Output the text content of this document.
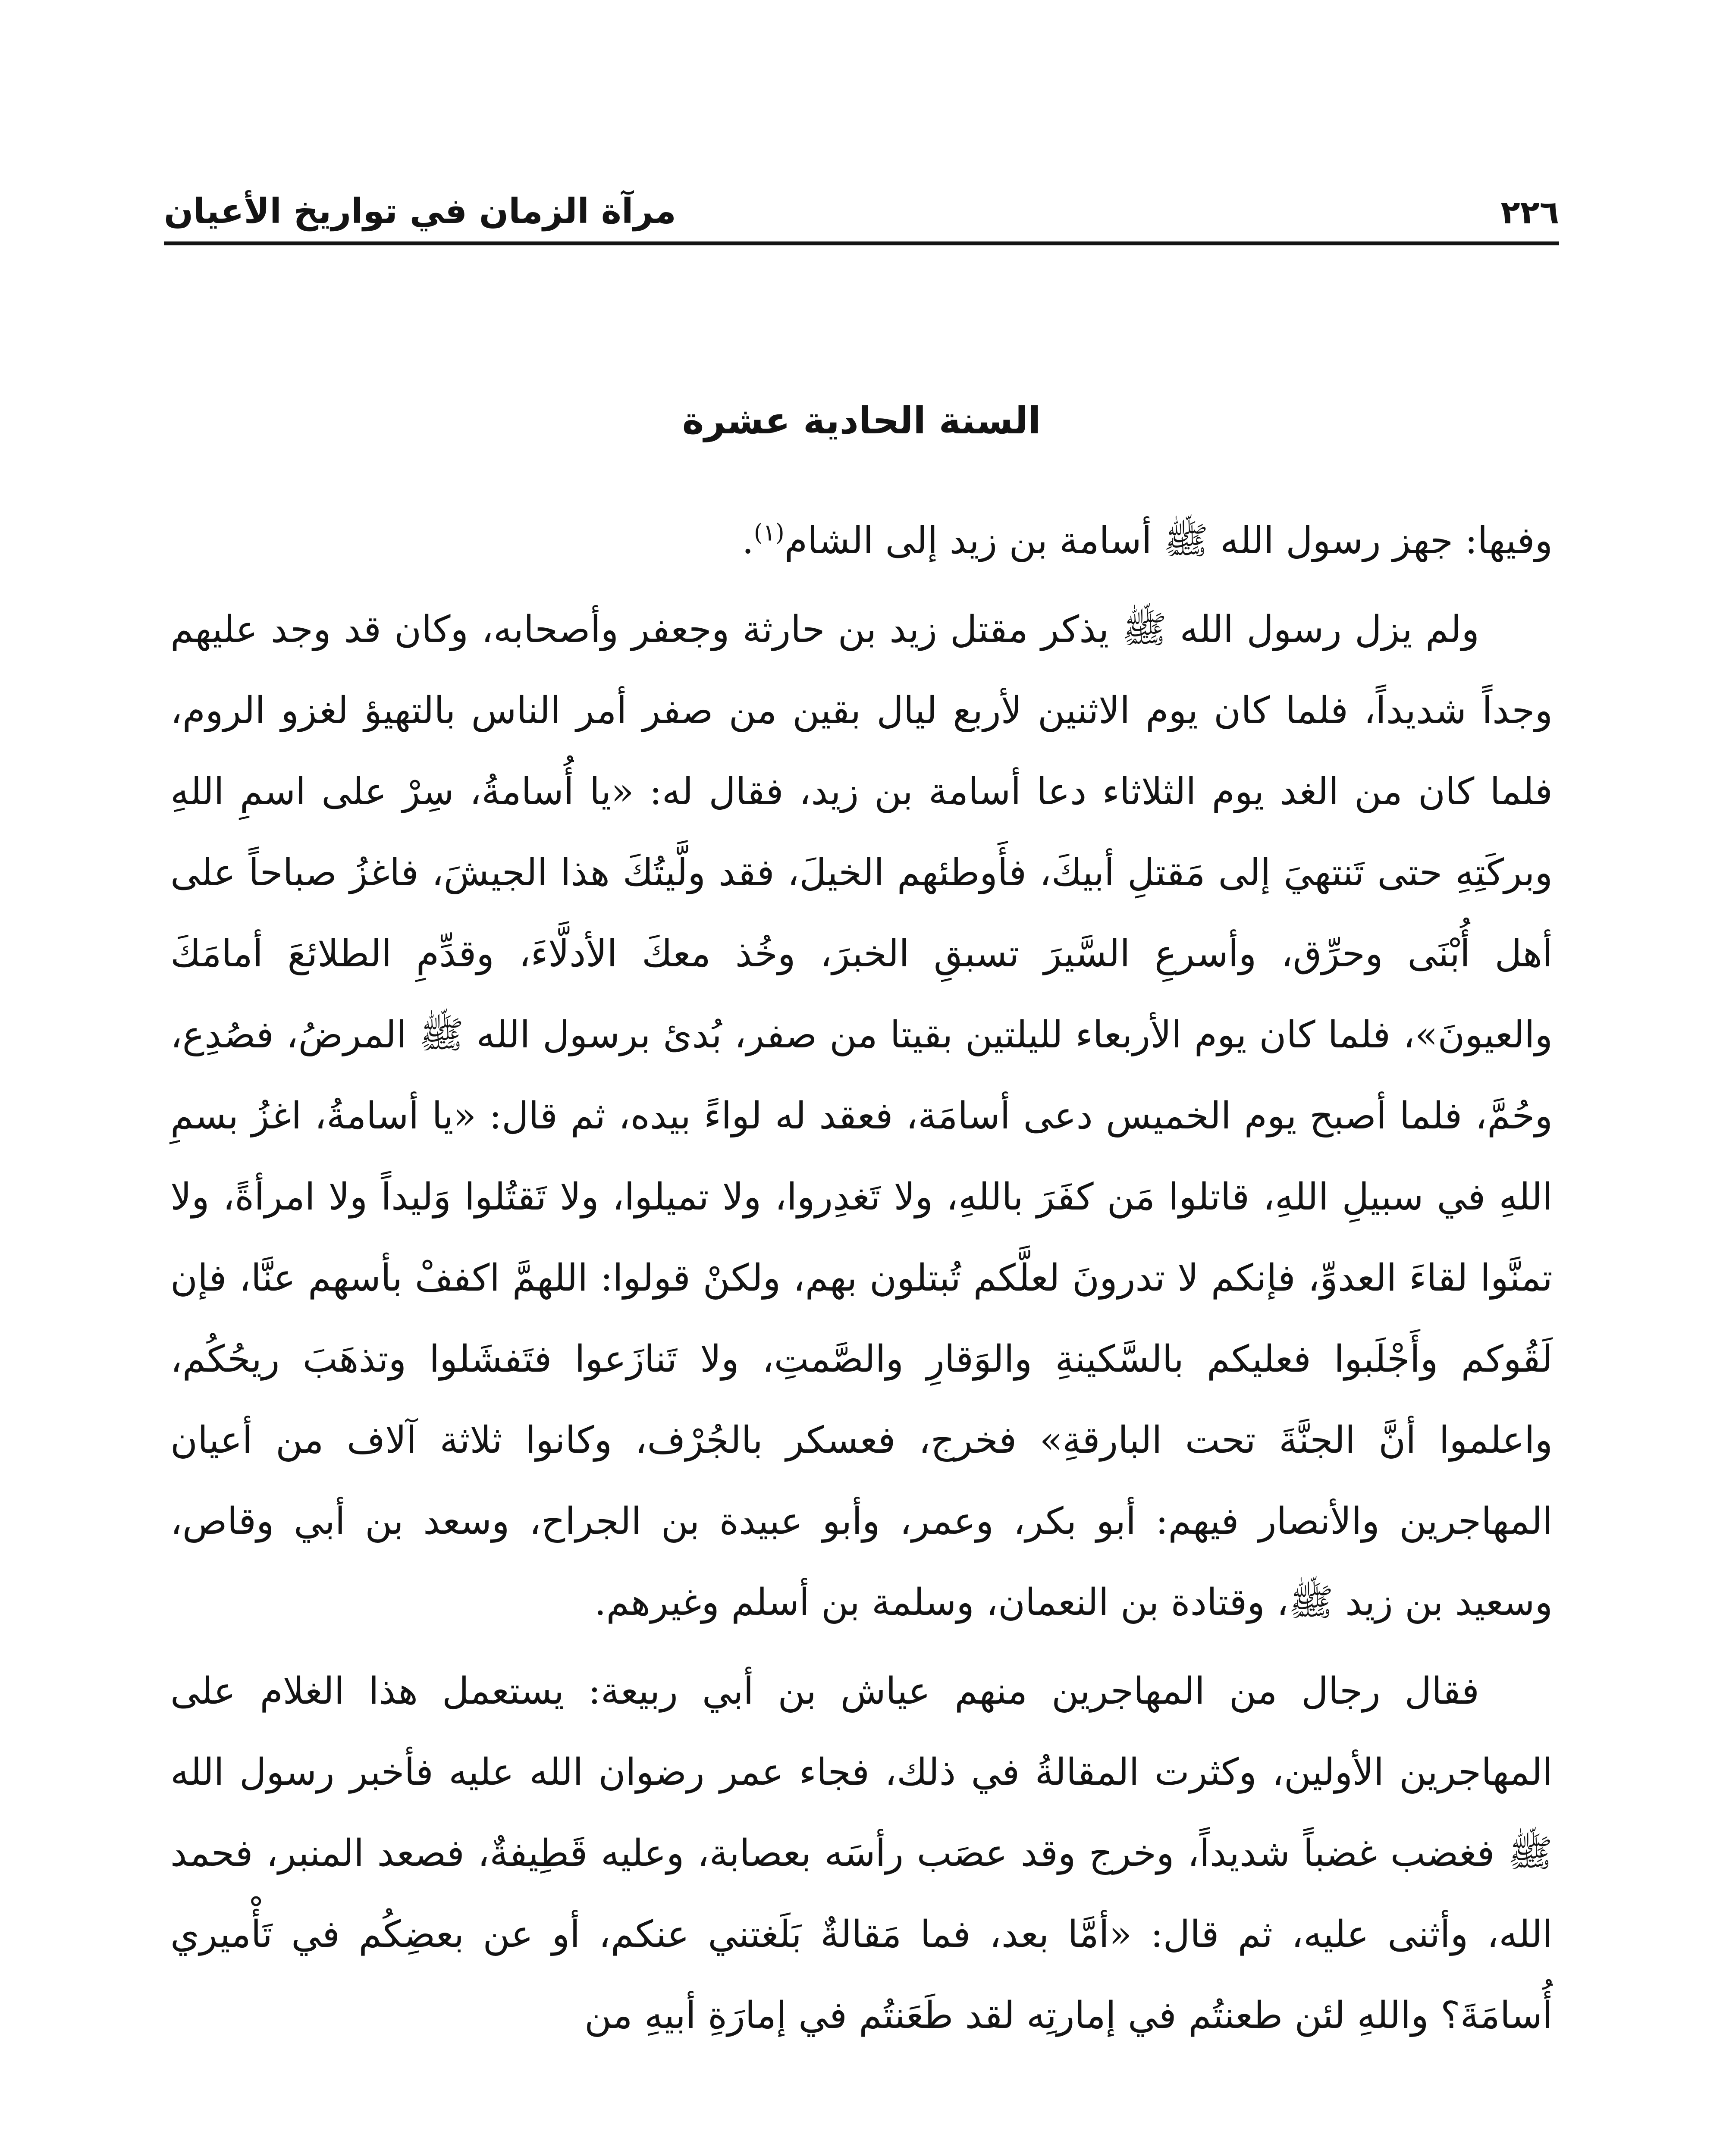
٢٢٦
مرآة الزمان في تواريخ الأعيان
السنة الحادية عشرة

وفيها: جهز رسول الله ﷺ أسامة بن زيد إلى الشام$^{(١)}$.

ولم يزل رسول الله ﷺ يذكر مقتل زيد بن حارثة وجعفر وأصحابه، وكان قد وجد عليهم وجداً شديداً، فلما كان يوم الاثنين لأربع ليال بقين من صفر أمر الناس بالتهيؤ لغزو الروم، فلما كان من الغد يوم الثلاثاء دعا أسامة بن زيد، فقال له: «يا أُسامةُ، سِرْ على اسمِ اللهِ وبركَتِهِ حتى تَنتهيَ إلى مَقتلِ أبيكَ، فأَوطئهم الخيلَ، فقد ولَّيتُكَ هذا الجيشَ، فاغزُ صباحاً على أهل أُبْنَى وحرِّق، وأسرعِ السَّيرَ تسبقِ الخبرَ، وخُذ معكَ الأدلَّاءَ، وقدِّمِ الطلائعَ أمامَكَ والعيونَ»، فلما كان يوم الأربعاء لليلتين بقيتا من صفر، بُدئ برسول الله ﷺ المرضُ، فصُدِع، وحُمَّ، فلما أصبح يوم الخميس دعى أسامَة، فعقد له لواءً بيده، ثم قال: «يا أسامةُ، اغزُ بسمِ اللهِ في سبيلِ اللهِ، قاتلوا مَن كفَرَ باللهِ، ولا تَغدِروا، ولا تميلوا، ولا تَقتُلوا وَليداً ولا امرأةً، ولا تمنَّوا لقاءَ العدوِّ، فإنكم لا تدرونَ لعلَّكم تُبتلون بهم، ولكنْ قولوا: اللهمَّ اكففْ بأسهم عنَّا، فإن لَقُوكم وأَجْلَبوا فعليكم بالسَّكينةِ والوَقارِ والصَّمتِ، ولا تَنازَعوا فتَفشَلوا وتذهَبَ ريحُكُم، واعلموا أنَّ الجنَّةَ تحت البارقةِ» فخرج، فعسكر بالجُرْف، وكانوا ثلاثة آلاف من أعيان المهاجرين والأنصار فيهم: أبو بكر، وعمر، وأبو عبيدة بن الجراح، وسعد بن أبي وقاص، وسعيد بن زيد ﷺ، وقتادة بن النعمان، وسلمة بن أسلم وغيرهم.

فقال رجال من المهاجرين منهم عياش بن أبي ربيعة: يستعمل هذا الغلام على المهاجرين الأولين، وكثرت المقالةُ في ذلك، فجاء عمر رضوان الله عليه فأخبر رسول الله ﷺ فغضب غضباً شديداً، وخرج وقد عصَب رأسَه بعصابة، وعليه قَطِيفةٌ، فصعد المنبر، فحمد الله، وأثنى عليه، ثم قال: «أمَّا بعد، فما مَقالةٌ بَلَغتني عنكم، أو عن بعضِكُم في تَأْميري أُسامَةَ؟ واللهِ لئن طعنتُم في إمارتِه لقد طَعَنتُم في إمارَةِ أبيهِ من
